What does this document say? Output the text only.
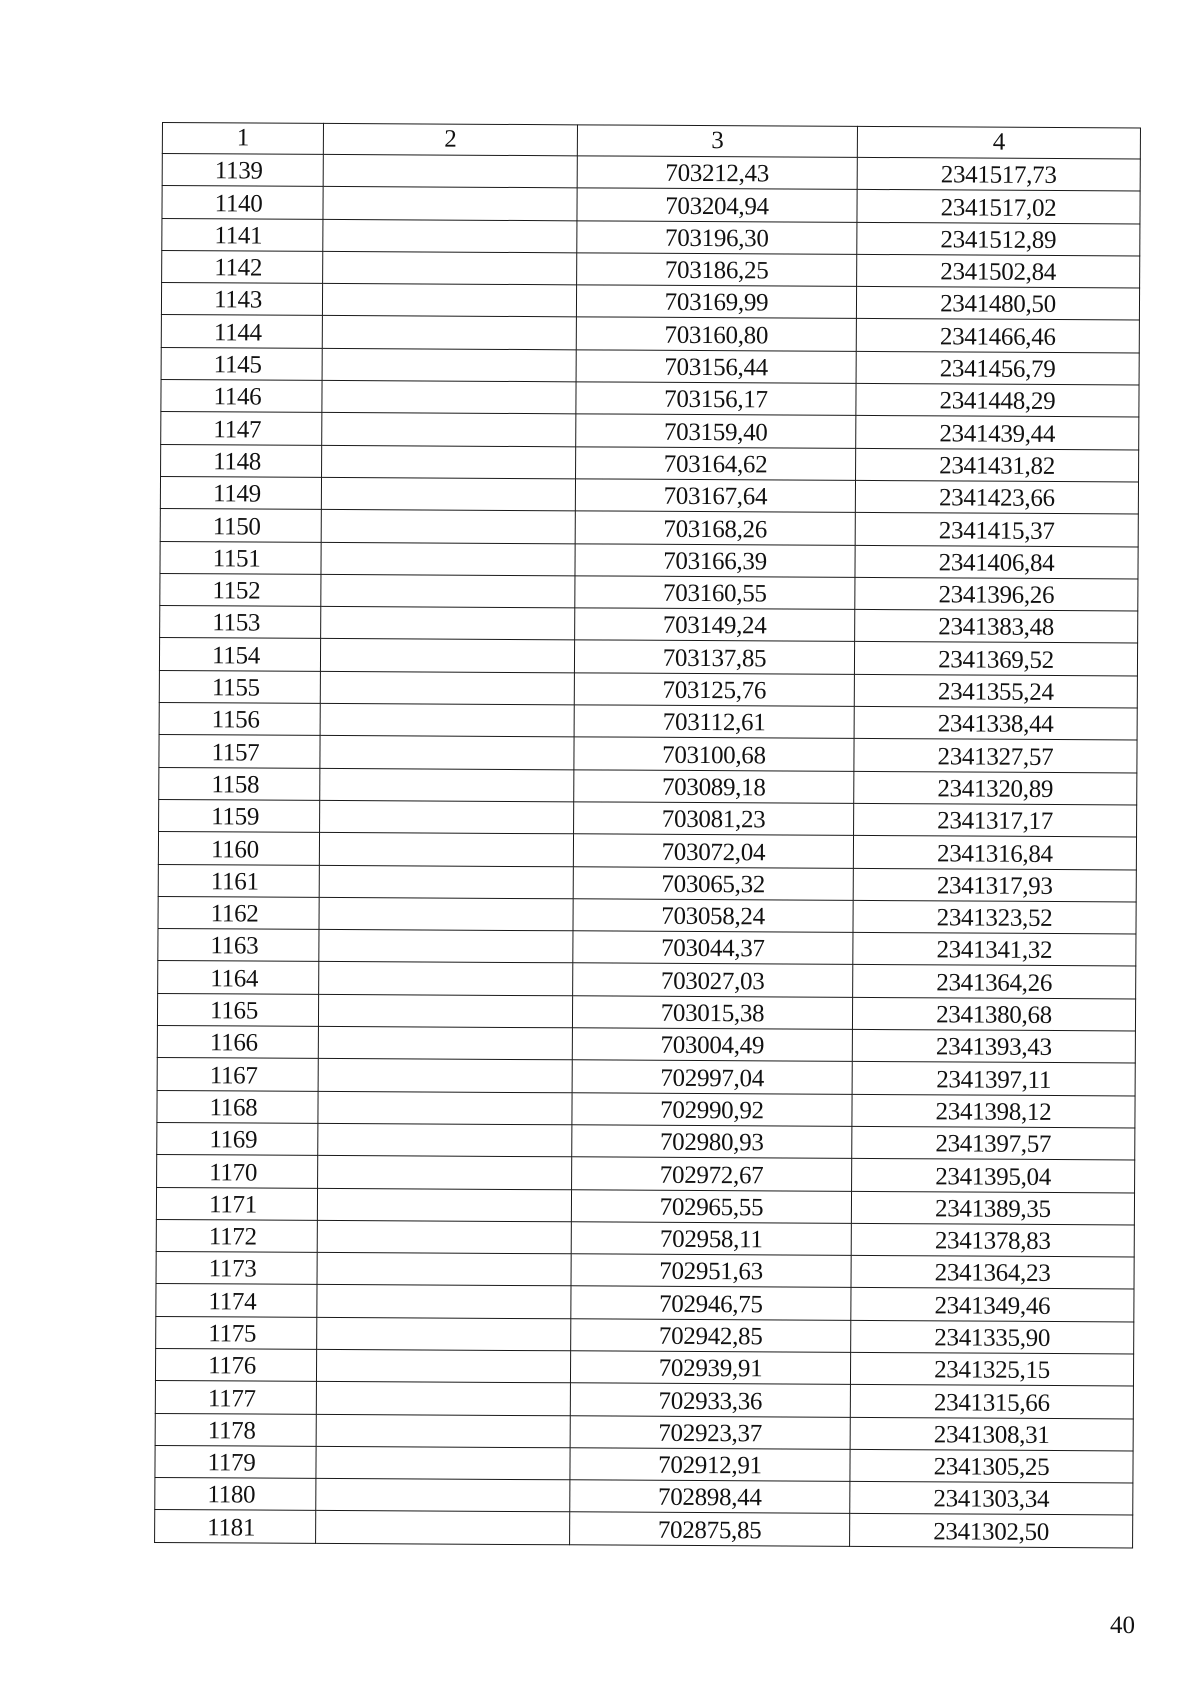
1	2	3	4
1139		703212,43	2341517,73
1140		703204,94	2341517,02
1141		703196,30	2341512,89
1142		703186,25	2341502,84
1143		703169,99	2341480,50
1144		703160,80	2341466,46
1145		703156,44	2341456,79
1146		703156,17	2341448,29
1147		703159,40	2341439,44
1148		703164,62	2341431,82
1149		703167,64	2341423,66
1150		703168,26	2341415,37
1151		703166,39	2341406,84
1152		703160,55	2341396,26
1153		703149,24	2341383,48
1154		703137,85	2341369,52
1155		703125,76	2341355,24
1156		703112,61	2341338,44
1157		703100,68	2341327,57
1158		703089,18	2341320,89
1159		703081,23	2341317,17
1160		703072,04	2341316,84
1161		703065,32	2341317,93
1162		703058,24	2341323,52
1163		703044,37	2341341,32
1164		703027,03	2341364,26
1165		703015,38	2341380,68
1166		703004,49	2341393,43
1167		702997,04	2341397,11
1168		702990,92	2341398,12
1169		702980,93	2341397,57
1170		702972,67	2341395,04
1171		702965,55	2341389,35
1172		702958,11	2341378,83
1173		702951,63	2341364,23
1174		702946,75	2341349,46
1175		702942,85	2341335,90
1176		702939,91	2341325,15
1177		702933,36	2341315,66
1178		702923,37	2341308,31
1179		702912,91	2341305,25
1180		702898,44	2341303,34
1181		702875,85	2341302,50
40
